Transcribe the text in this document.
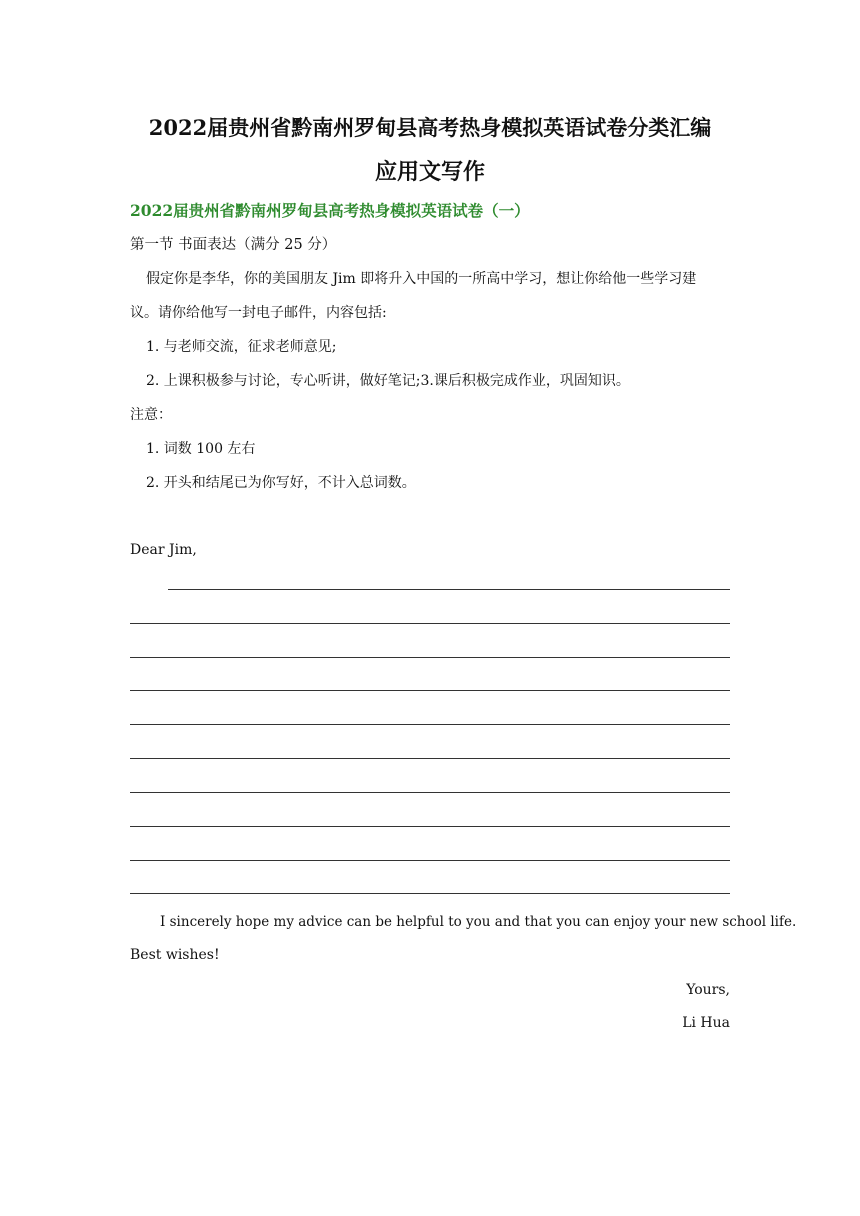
2022届贵州省黔南州罗甸县高考热身模拟英语试卷分类汇编
应用文写作
2022届贵州省黔南州罗甸县高考热身模拟英语试卷（一）
第一节 书面表达（满分 25 分）
假定你是李华，你的美国朋友 Jim 即将升入中国的一所高中学习，想让你给他一些学习建
议。请你给他写一封电子邮件，内容包括:
1. 与老师交流，征求老师意见;
2. 上课积极参与讨论，专心听讲，做好笔记;3.课后积极完成作业，巩固知识。
注意：
1. 词数 100 左右
2. 开头和结尾已为你写好，不计入总词数。
Dear Jim,
I sincerely hope my advice can be helpful to you and that you can enjoy your new school life.
Best wishes!
Yours,
Li Hua
